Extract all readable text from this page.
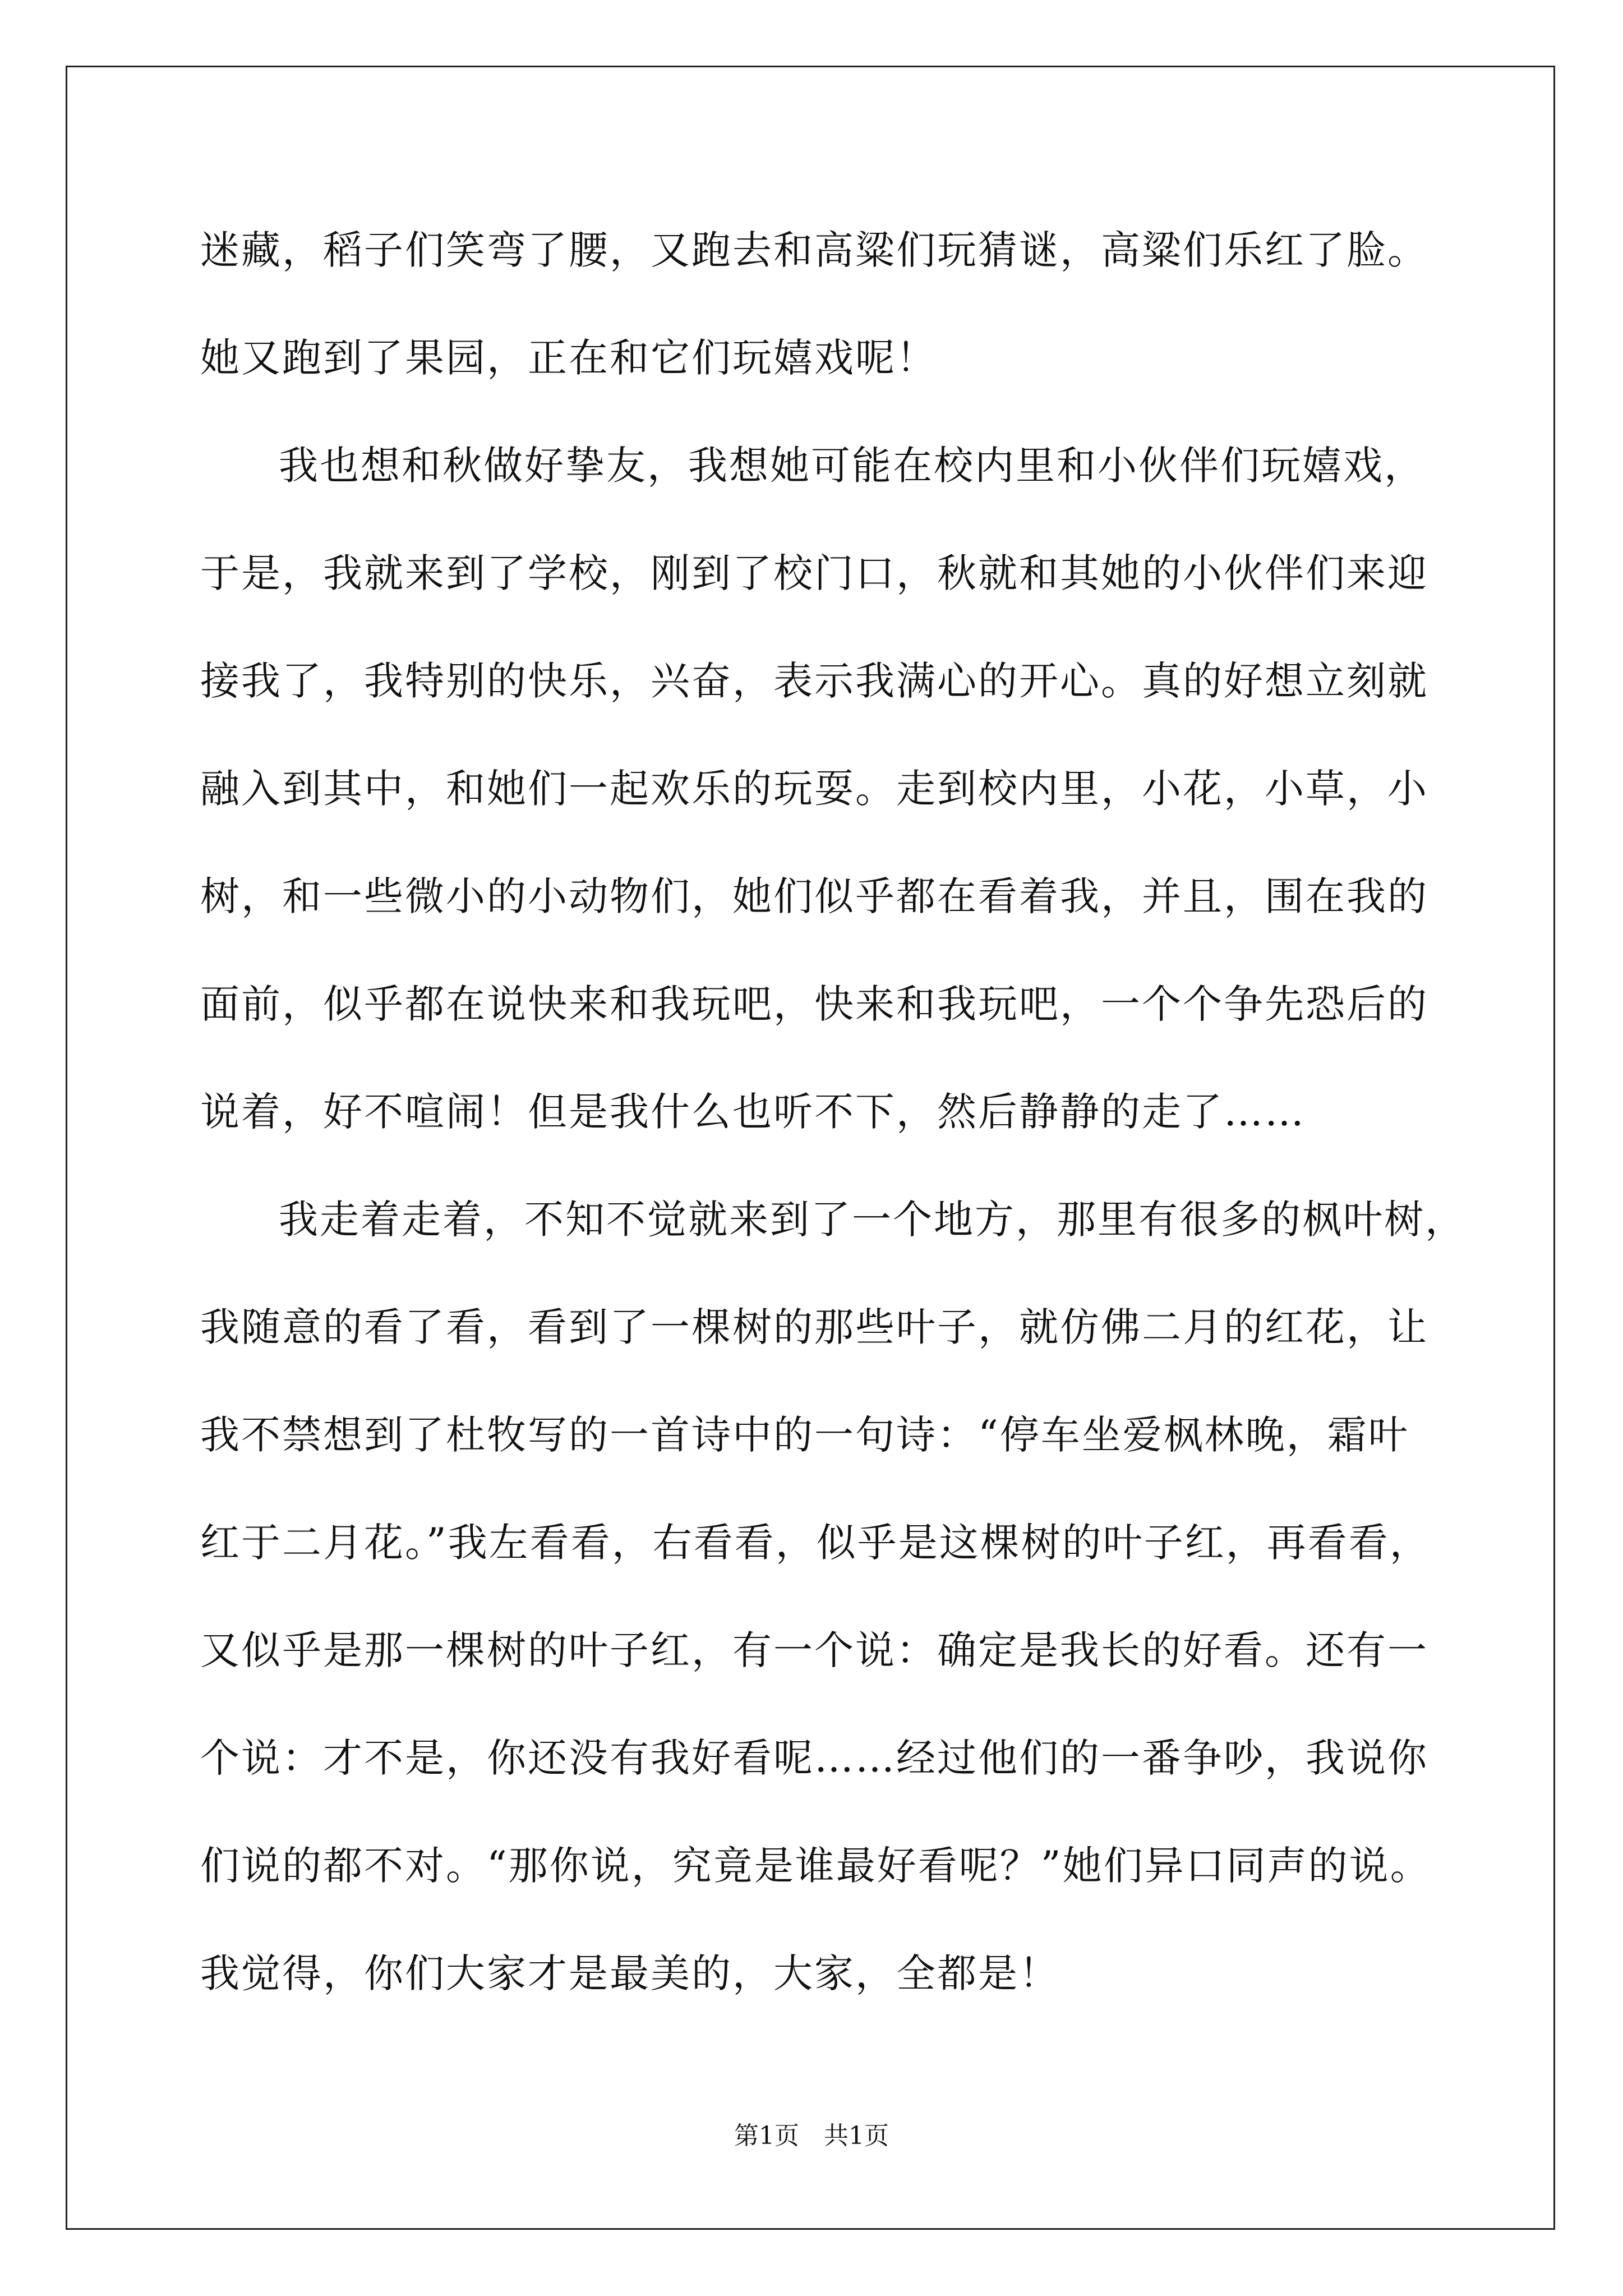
迷藏，稻子们笑弯了腰，又跑去和高粱们玩猜谜，高粱们乐红了脸。
她又跑到了果园，正在和它们玩嬉戏呢！
我也想和秋做好挚友，我想她可能在校内里和小伙伴们玩嬉戏，
于是，我就来到了学校，刚到了校门口，秋就和其她的小伙伴们来迎
接我了，我特别的快乐，兴奋，表示我满心的开心。真的好想立刻就
融入到其中，和她们一起欢乐的玩耍。走到校内里，小花，小草，小
树，和一些微小的小动物们，她们似乎都在看着我，并且，围在我的
面前，似乎都在说快来和我玩吧，快来和我玩吧，一个个争先恐后的
说着，好不喧闹！但是我什么也听不下，然后静静的走了……
我走着走着，不知不觉就来到了一个地方，那里有很多的枫叶树，
我随意的看了看，看到了一棵树的那些叶子，就仿佛二月的红花，让
我不禁想到了杜牧写的一首诗中的一句诗：“停车坐爱枫林晚，霜叶
红于二月花。”我左看看，右看看，似乎是这棵树的叶子红，再看看，
又似乎是那一棵树的叶子红，有一个说：确定是我长的好看。还有一
个说：才不是，你还没有我好看呢……经过他们的一番争吵，我说你
们说的都不对。“那你说，究竟是谁最好看呢？”她们异口同声的说。
我觉得，你们大家才是最美的，大家，全都是！
第1页　共1页
